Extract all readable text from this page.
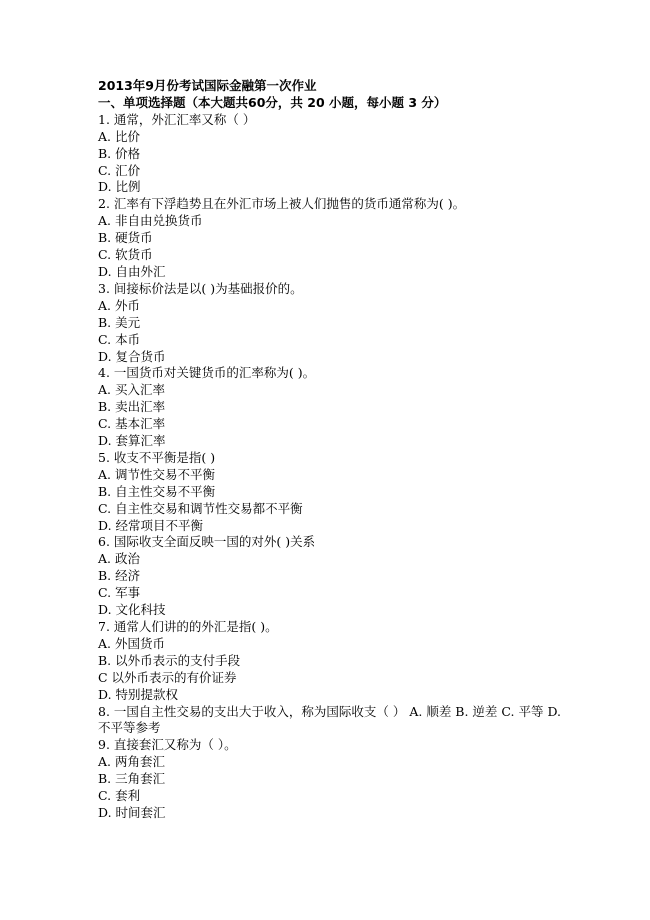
2013年9月份考试国际金融第一次作业
一、单项选择题（本大题共60分，共 20 小题，每小题 3 分）
1. 通常，外汇汇率又称（ ）
A. 比价
B. 价格
C. 汇价
D. 比例
2. 汇率有下浮趋势且在外汇市场上被人们抛售的货币通常称为( )。
A. 非自由兑换货币
B. 硬货币
C. 软货币
D. 自由外汇
3. 间接标价法是以( )为基础报价的。
A. 外币
B. 美元
C. 本币
D. 复合货币
4. 一国货币对关键货币的汇率称为( )。
A. 买入汇率
B. 卖出汇率
C. 基本汇率
D. 套算汇率
5. 收支不平衡是指( )
A. 调节性交易不平衡
B. 自主性交易不平衡
C. 自主性交易和调节性交易都不平衡
D. 经常项目不平衡
6. 国际收支全面反映一国的对外( )关系
A. 政治
B. 经济
C. 军事
D. 文化科技
7. 通常人们讲的的外汇是指( )。
A. 外国货币
B. 以外币表示的支付手段
C 以外币表示的有价证券
D. 特别提款权
8. 一国自主性交易的支出大于收入，称为国际收支（ ） A. 顺差 B. 逆差 C. 平等 D. 不平等参考
9. 直接套汇又称为（ ）。
A. 两角套汇
B. 三角套汇
C. 套利
D. 时间套汇
